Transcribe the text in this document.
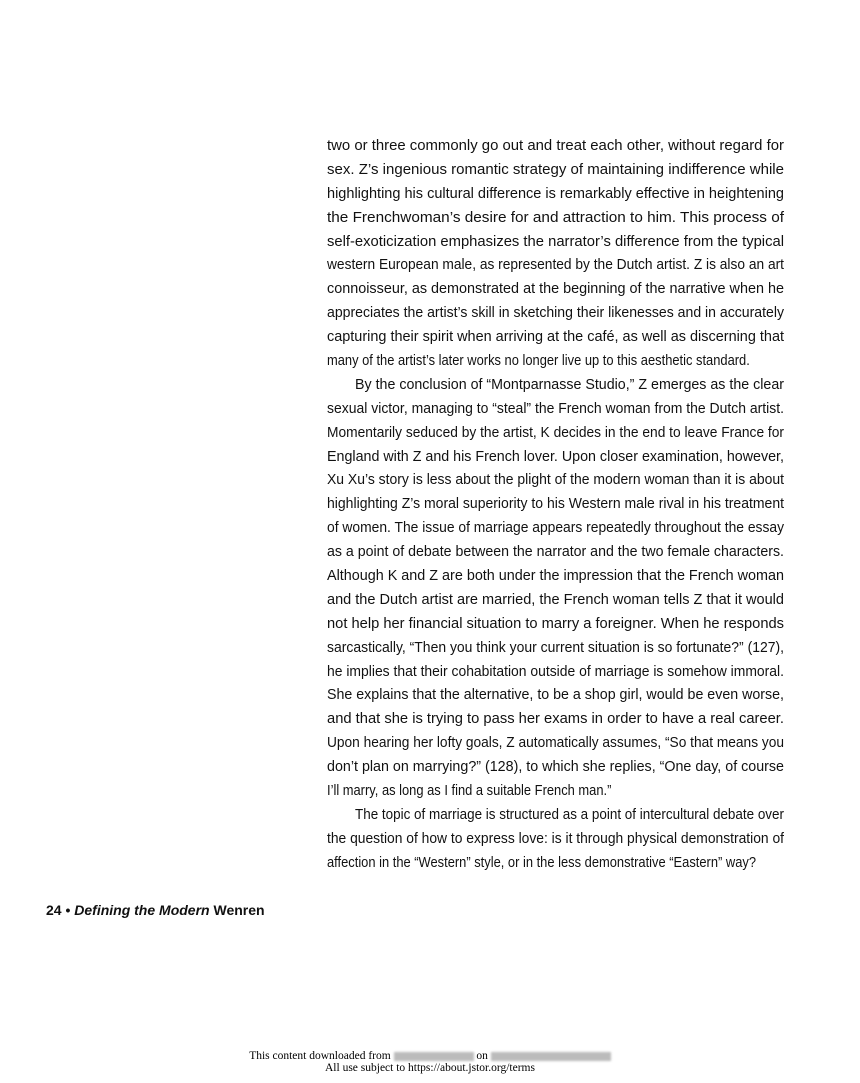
two or three commonly go out and treat each other, without regard for
sex. Z’s ingenious romantic strategy of maintaining indifference while
highlighting his cultural difference is remarkably effective in heightening
the Frenchwoman’s desire for and attraction to him. This process of
self-exoticization emphasizes the narrator’s difference from the typical
western European male, as represented by the Dutch artist. Z is also an art
connoisseur, as demonstrated at the beginning of the narrative when he
appreciates the artist’s skill in sketching their likenesses and in accurately
capturing their spirit when arriving at the café, as well as discerning that
many of the artist’s later works no longer live up to this aesthetic standard.
By the conclusion of “Montparnasse Studio,” Z emerges as the clear
sexual victor, managing to “steal” the French woman from the Dutch artist.
Momentarily seduced by the artist, K decides in the end to leave France for
England with Z and his French lover. Upon closer examination, however,
Xu Xu’s story is less about the plight of the modern woman than it is about
highlighting Z’s moral superiority to his Western male rival in his treatment
of women. The issue of marriage appears repeatedly throughout the essay
as a point of debate between the narrator and the two female characters.
Although K and Z are both under the impression that the French woman
and the Dutch artist are married, the French woman tells Z that it would
not help her financial situation to marry a foreigner. When he responds
sarcastically, “Then you think your current situation is so fortunate?” (127),
he implies that their cohabitation outside of marriage is somehow immoral.
She explains that the alternative, to be a shop girl, would be even worse,
and that she is trying to pass her exams in order to have a real career.
Upon hearing her lofty goals, Z automatically assumes, “So that means you
don’t plan on marrying?” (128), to which she replies, “One day, of course
I’ll marry, as long as I find a suitable French man.”
The topic of marriage is structured as a point of intercultural debate over
the question of how to express love: is it through physical demonstration of
affection in the “Western” style, or in the less demonstrative “Eastern” way?
24 • Defining the Modern Wenren
This content downloaded from	on
All use subject to https://about.jstor.org/terms
